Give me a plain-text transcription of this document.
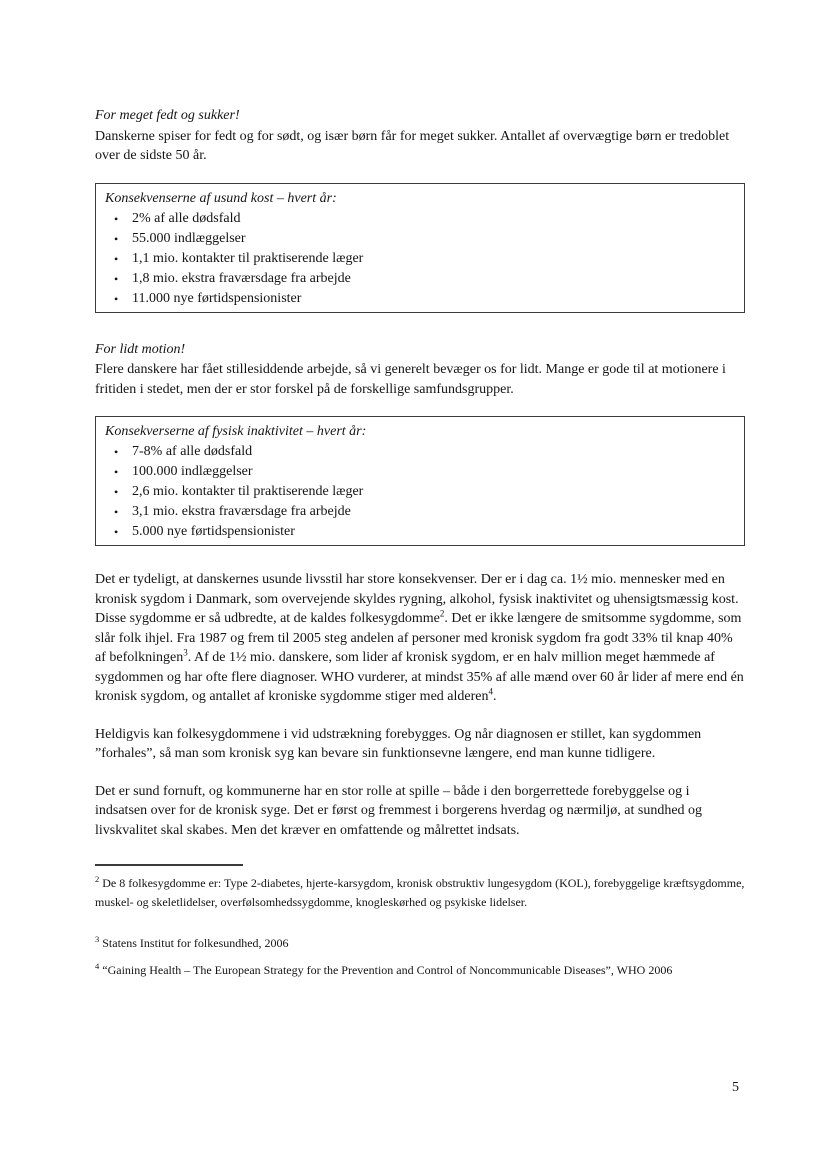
For meget fedt og sukker!

Danskerne spiser for fedt og for sødt, og især børn får for meget sukker. Antallet af overvægtige børn er tredoblet over de sidste 50 år.

Konsekvenserne af usund kost – hvert år:
• 2% af alle dødsfald
• 55.000 indlæggelser
• 1,1 mio. kontakter til praktiserende læger
• 1,8 mio. ekstra fraværsdage fra arbejde
• 11.000 nye førtidspensionister
For lidt motion!

Flere danskere har fået stillesiddende arbejde, så vi generelt bevæger os for lidt. Mange er gode til at motionere i fritiden i stedet, men der er stor forskel på de forskellige samfundsgrupper.

Konsekverserne af fysisk inaktivitet – hvert år:
• 7-8% af alle dødsfald
• 100.000 indlæggelser
• 2,6 mio. kontakter til praktiserende læger
• 3,1 mio. ekstra fraværsdage fra arbejde
• 5.000 nye førtidspensionister

Det er tydeligt, at danskernes usunde livsstil har store konsekvenser. Der er i dag ca. 1½ mio. mennesker med en kronisk sygdom i Danmark, som overvejende skyldes rygning, alkohol, fysisk inaktivitet og uhensigtsmæssig kost. Disse sygdomme er så udbredte, at de kaldes folkesygdomme$^2$. Det er ikke længere de smitsomme sygdomme, som slår folk ihjel. Fra 1987 og frem til 2005 steg andelen af personer med kronisk sygdom fra godt 33% til knap 40% af befolkningen$^3$. Af de 1½ mio. danskere, som lider af kronisk sygdom, er en halv million meget hæmmede af sygdommen og har ofte flere diagnoser. WHO vurderer, at mindst 35% af alle mænd over 60 år lider af mere end én kronisk sygdom, og antallet af kroniske sygdomme stiger med alderen$^4$.

Heldigvis kan folkesygdommene i vid udstrækning forebygges. Og når diagnosen er stillet, kan sygdommen ”forhales”, så man som kronisk syg kan bevare sin funktionsevne længere, end man kunne tidligere.

Det er sund fornuft, og kommunerne har en stor rolle at spille – både i den borgerrettede forebyggelse og i indsatsen over for de kronisk syge. Det er først og fremmest i borgerens hverdag og nærmiljø, at sundhed og livskvalitet skal skabes. Men det kræver en omfattende og målrettet indsats.

$^2$ De 8 folkesygdomme er: Type 2-diabetes, hjerte-karsygdom, kronisk obstruktiv lungesygdom (KOL), forebyggelige kræftsygdomme, muskel- og skeletlidelser, overfølsomhedssygdomme, knogleskørhed og psykiske lidelser.

$^3$ Statens Institut for folkesundhed, 2006

$^4$ “Gaining Health – The European Strategy for the Prevention and Control of Noncommunicable Diseases”, WHO 2006

5
